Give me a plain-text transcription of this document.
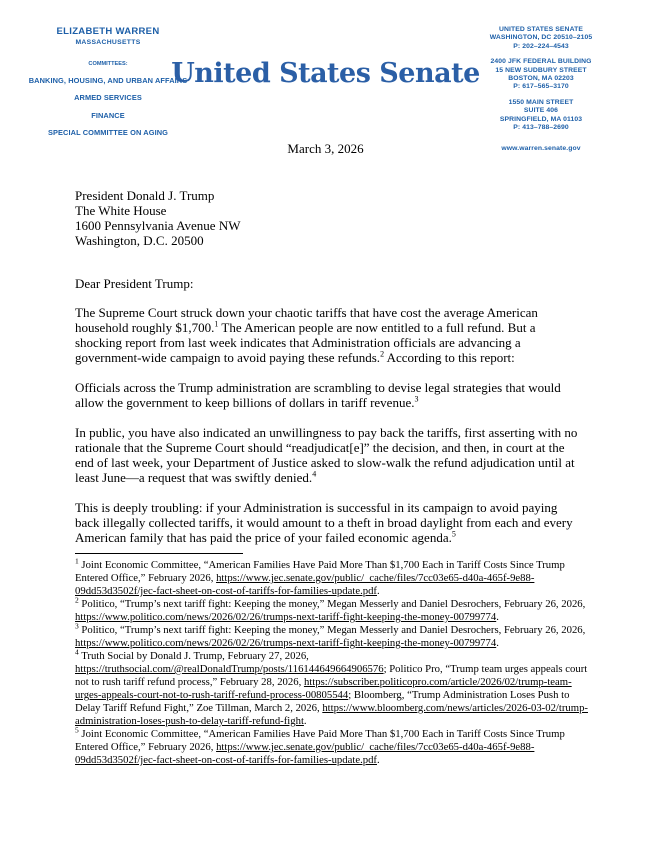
ELIZABETH WARREN
MASSACHUSETTS
COMMITTEES:
BANKING, HOUSING, AND URBAN AFFAIRS
ARMED SERVICES
FINANCE
SPECIAL COMMITTEE ON AGING
United States Senate
UNITED STATES SENATE
WASHINGTON, DC 20510–2105
P: 202–224–4543
2400 JFK FEDERAL BUILDING
15 NEW SUDBURY STREET
BOSTON, MA 02203
P: 617–565–3170
1550 MAIN STREET
SUITE 406
SPRINGFIELD, MA 01103
P: 413–788–2690
www.warren.senate.gov
March 3, 2026
President Donald J. Trump
The White House
1600 Pennsylvania Avenue NW
Washington, D.C. 20500
Dear President Trump:

The Supreme Court struck down your chaotic tariffs that have cost the average American household roughly $1,700.$^1$ The American people are now entitled to a full refund. But a shocking report from last week indicates that Administration officials are advancing a government-wide campaign to avoid paying these refunds.$^2$ According to this report:

Officials across the Trump administration are scrambling to devise legal strategies that would allow the government to keep billions of dollars in tariff revenue.$^3$

In public, you have also indicated an unwillingness to pay back the tariffs, first asserting with no rationale that the Supreme Court should “readjudicat[e]” the decision, and then, in court at the end of last week, your Department of Justice asked to slow-walk the refund adjudication until at least June—a request that was swiftly denied.$^4$

This is deeply troubling: if your Administration is successful in its campaign to avoid paying back illegally collected tariffs, it would amount to a theft in broad daylight from each and every American family that has paid the price of your failed economic agenda.$^5$

$^1$ Joint Economic Committee, “American Families Have Paid More Than $1,700 Each in Tariff Costs Since Trump Entered Office,” February 2026, https://www.jec.senate.gov/public/_cache/files/7cc03e65-d40a-465f-9e88-09dd53d3502f/jec-fact-sheet-on-cost-of-tariffs-for-families-update.pdf.
$^2$ Politico, “Trump’s next tariff fight: Keeping the money,” Megan Messerly and Daniel Desrochers, February 26, 2026, https://www.politico.com/news/2026/02/26/trumps-next-tariff-fight-keeping-the-money-00799774.
$^3$ Politico, “Trump’s next tariff fight: Keeping the money,” Megan Messerly and Daniel Desrochers, February 26, 2026, https://www.politico.com/news/2026/02/26/trumps-next-tariff-fight-keeping-the-money-00799774.
$^4$ Truth Social by Donald J. Trump, February 27, 2026, https://truthsocial.com/@realDonaldTrump/posts/116144649664906576; Politico Pro, “Trump team urges appeals court not to rush tariff refund process,” February 28, 2026, https://subscriber.politicopro.com/article/2026/02/trump-team-urges-appeals-court-not-to-rush-tariff-refund-process-00805544; Bloomberg, “Trump Administration Loses Push to Delay Tariff Refund Fight,” Zoe Tillman, March 2, 2026, https://www.bloomberg.com/news/articles/2026-03-02/trump-administration-loses-push-to-delay-tariff-refund-fight.
$^5$ Joint Economic Committee, “American Families Have Paid More Than $1,700 Each in Tariff Costs Since Trump Entered Office,” February 2026, https://www.jec.senate.gov/public/_cache/files/7cc03e65-d40a-465f-9e88-09dd53d3502f/jec-fact-sheet-on-cost-of-tariffs-for-families-update.pdf.
